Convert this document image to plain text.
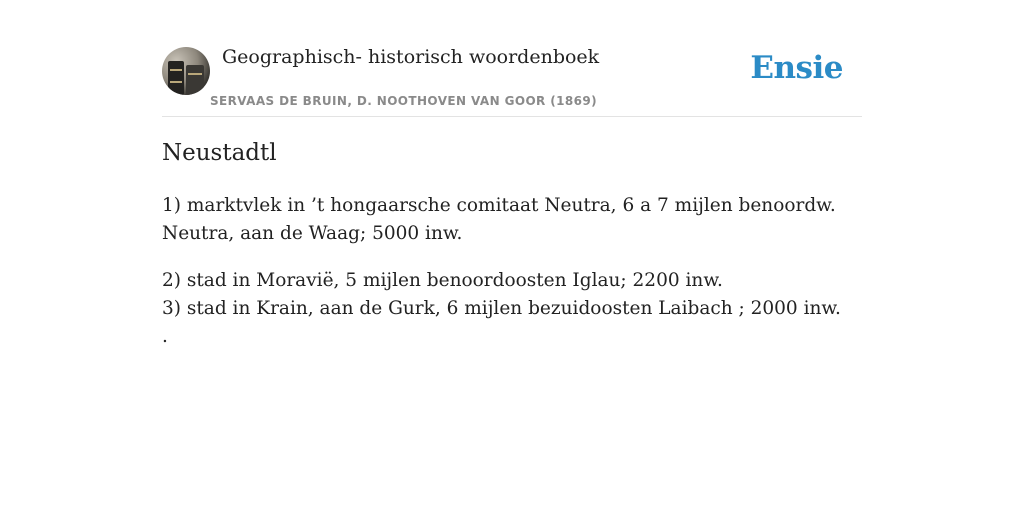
Geographisch- historisch woordenboek
SERVAAS DE BRUIN, D. NOOTHOVEN VAN GOOR (1869)
Ensie
Neustadtl

1) marktvlek in ’t hongaarsche comitaat Neutra, 6 a 7 mijlen benoordw. Neutra, aan de Waag; 5000 inw.

2) stad in Moravië, 5 mijlen benoordoosten Iglau; 2200 inw.
3) stad in Krain, aan de Gurk, 6 mijlen bezuidoosten Laibach ; 2000 inw. .
